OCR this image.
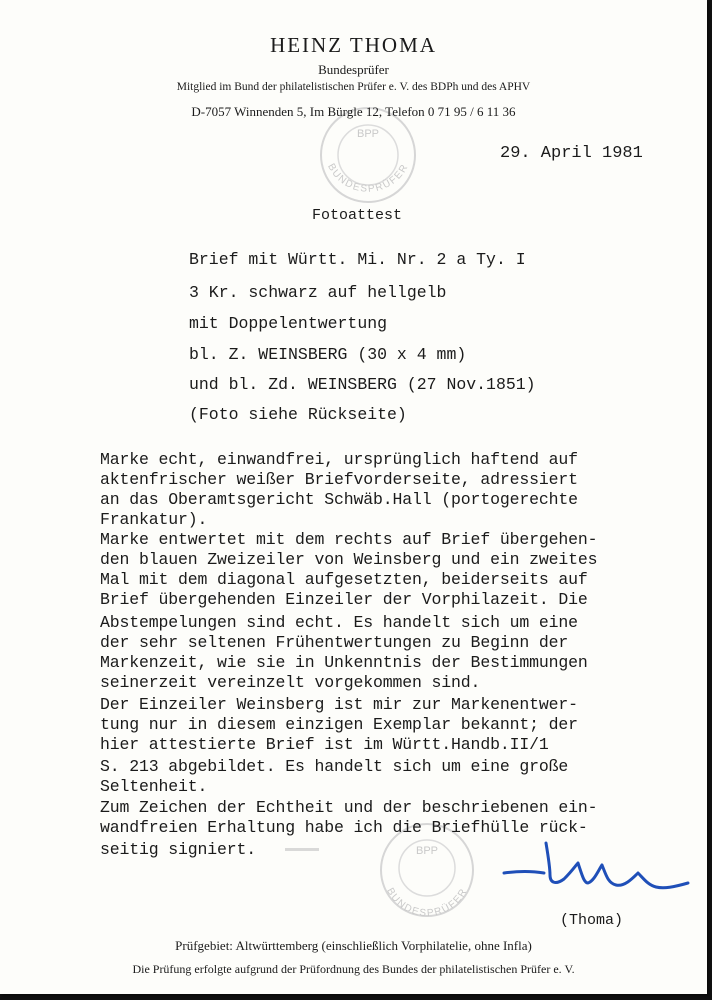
BPP
BUNDESPRÜFER
BPP
BUNDESPRÜFER
HEINZ THOMA
Bundesprüfer
Mitglied im Bund der philatelistischen Prüfer e. V. des BDPh und des APHV
D-7057 Winnenden 5, Im Bürgle 12, Telefon 0 71 95 / 6 11 36
29. April 1981
Fotoattest
Brief mit Württ. Mi. Nr. 2 a Ty. I
3 Kr. schwarz auf hellgelb
mit Doppelentwertung
bl. Z. WEINSBERG (30 x 4 mm)
und bl. Zd. WEINSBERG (27 Nov.1851)
(Foto siehe Rückseite)
Marke echt, einwandfrei, ursprünglich haftend auf
aktenfrischer weißer Briefvorderseite, adressiert
an das Oberamtsgericht Schwäb.Hall (portogerechte
Frankatur).
Marke entwertet mit dem rechts auf Brief übergehen-
den blauen Zweizeiler von Weinsberg und ein zweites
Mal mit dem diagonal aufgesetzten, beiderseits auf
Brief übergehenden Einzeiler der Vorphilazeit. Die
Abstempelungen sind echt. Es handelt sich um eine
der sehr seltenen Frühentwertungen zu Beginn der
Markenzeit, wie sie in Unkenntnis der Bestimmungen
seinerzeit vereinzelt vorgekommen sind.
Der Einzeiler Weinsberg ist mir zur Markenentwer-
tung nur in diesem einzigen Exemplar bekannt; der
hier attestierte Brief ist im Württ.Handb.II/1
S. 213 abgebildet. Es handelt sich um eine große
Seltenheit.
Zum Zeichen der Echtheit und der beschriebenen ein-
wandfreien Erhaltung habe ich die Briefhülle rück-
seitig signiert.
(Thoma)
Prüfgebiet: Altwürttemberg (einschließlich Vorphilatelie, ohne Infla)
Die Prüfung erfolgte aufgrund der Prüfordnung des Bundes der philatelistischen Prüfer e. V.
